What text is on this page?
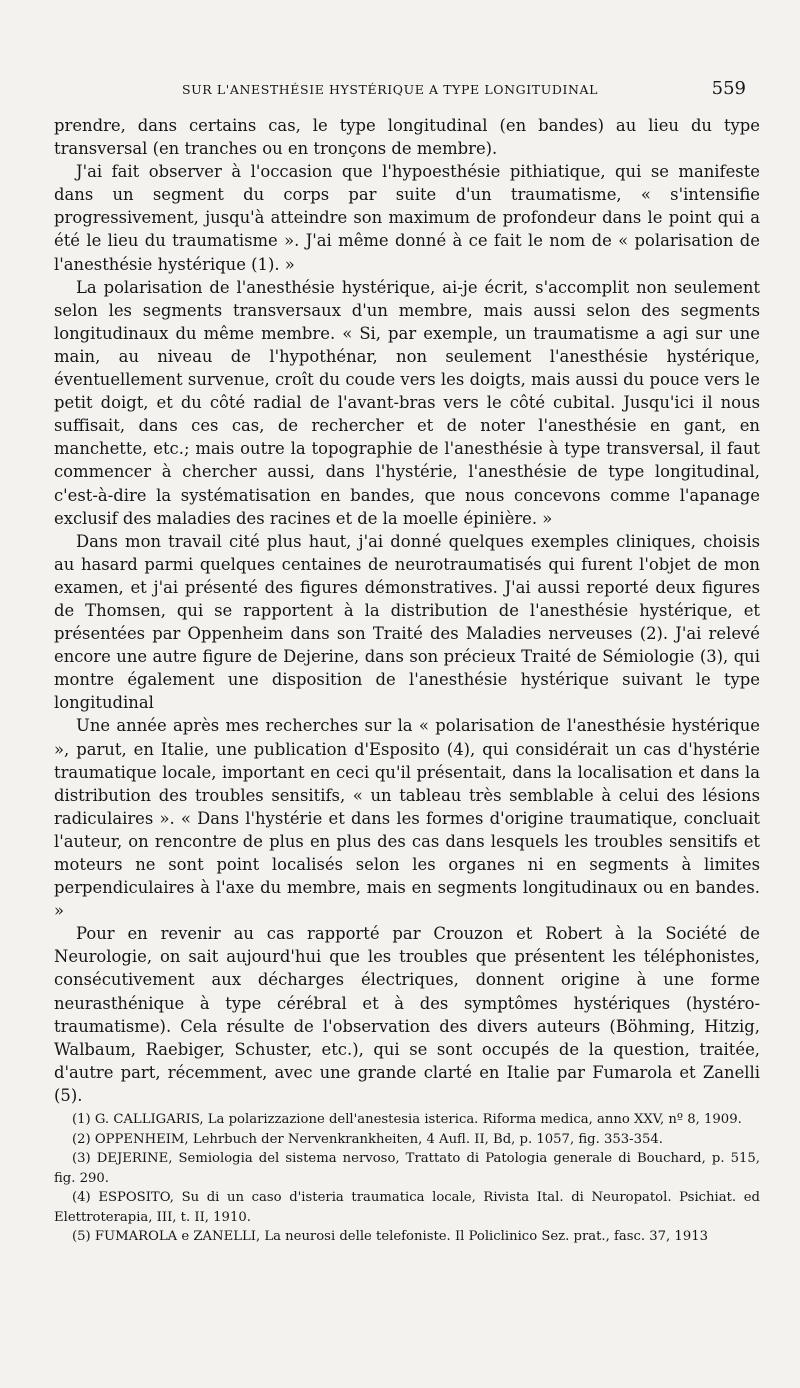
SUR L'ANESTHÉSIE HYSTÉRIQUE A TYPE LONGITUDINAL	559

prendre, dans certains cas, le type longitudinal (en bandes) au lieu du type transversal (en tranches ou en tronçons de membre).

J'ai fait observer à l'occasion que l'hypoesthésie pithiatique, qui se manifeste dans un segment du corps par suite d'un traumatisme, « s'intensifie progressivement, jusqu'à atteindre son maximum de profondeur dans le point qui a été le lieu du traumatisme ». J'ai même donné à ce fait le nom de « polarisation de l'anesthésie hystérique (1). »

La polarisation de l'anesthésie hystérique, ai-je écrit, s'accomplit non seulement selon les segments transversaux d'un membre, mais aussi selon des segments longitudinaux du même membre. « Si, par exemple, un traumatisme a agi sur une main, au niveau de l'hypothénar, non seulement l'anesthésie hystérique, éventuellement survenue, croît du coude vers les doigts, mais aussi du pouce vers le petit doigt, et du côté radial de l'avant-bras vers le côté cubital. Jusqu'ici il nous suffisait, dans ces cas, de rechercher et de noter l'anesthésie en gant, en manchette, etc.; mais outre la topographie de l'anesthésie à type transversal, il faut commencer à chercher aussi, dans l'hystérie, l'anesthésie de type longitudinal, c'est-à-dire la systématisation en bandes, que nous concevons comme l'apanage exclusif des maladies des racines et de la moelle épinière. »

Dans mon travail cité plus haut, j'ai donné quelques exemples cliniques, choisis au hasard parmi quelques centaines de neurotraumatisés qui furent l'objet de mon examen, et j'ai présenté des figures démonstratives. J'ai aussi reporté deux figures de Thomsen, qui se rapportent à la distribution de l'anesthésie hystérique, et présentées par Oppenheim dans son Traité des Maladies nerveuses (2). J'ai relevé encore une autre figure de Dejerine, dans son précieux Traité de Sémiologie (3), qui montre également une disposition de l'anesthésie hystérique suivant le type longitudinal

Une année après mes recherches sur la « polarisation de l'anesthésie hystérique », parut, en Italie, une publication d'Esposito (4), qui considérait un cas d'hystérie traumatique locale, important en ceci qu'il présentait, dans la localisation et dans la distribution des troubles sensitifs, « un tableau très semblable à celui des lésions radiculaires ». « Dans l'hystérie et dans les formes d'origine traumatique, concluait l'auteur, on rencontre de plus en plus des cas dans lesquels les troubles sensitifs et moteurs ne sont point localisés selon les organes ni en segments à limites perpendiculaires à l'axe du membre, mais en segments longitudinaux ou en bandes. »

Pour en revenir au cas rapporté par Crouzon et Robert à la Société de Neurologie, on sait aujourd'hui que les troubles que présentent les téléphonistes, consécutivement aux décharges électriques, donnent origine à une forme neurasthénique à type cérébral et à des symptômes hystériques (hystéro-traumatisme). Cela résulte de l'observation des divers auteurs (Böhming, Hitzig, Walbaum, Raebiger, Schuster, etc.), qui se sont occupés de la question, traitée, d'autre part, récemment, avec une grande clarté en Italie par Fumarola et Zanelli (5).

(1) G. CALLIGARIS, La polarizzazione dell'anestesia isterica. Riforma medica, anno XXV, nº 8, 1909.

(2) OPPENHEIM, Lehrbuch der Nervenkrankheiten, 4 Aufl. II, Bd, p. 1057, fig. 353-354.

(3) DEJERINE, Semiologia del sistema nervoso, Trattato di Patologia generale di Bouchard, p. 515, fig. 290.

(4) ESPOSITO, Su di un caso d'isteria traumatica locale, Rivista Ital. di Neuropatol. Psichiat. ed Elettroterapia, III, t. II, 1910.

(5) FUMAROLA e ZANELLI, La neurosi delle telefoniste. Il Policlinico Sez. prat., fasc. 37, 1913
